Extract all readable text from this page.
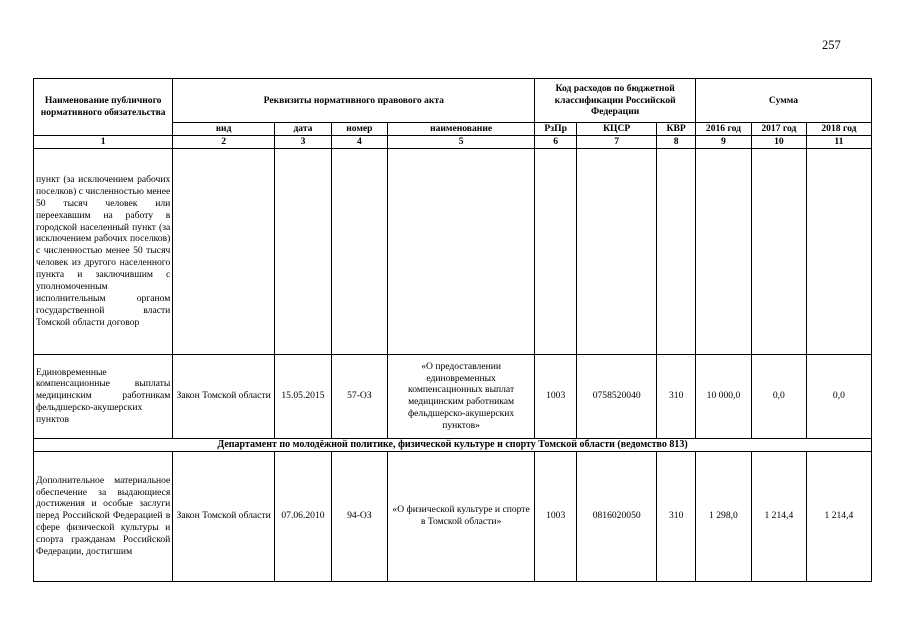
257
Наименование публичного нормативного обязательства	Реквизиты нормативного правового акта				Код расходов по бюджетной классификации Российской Федерации			Сумма		
	вид	дата	номер	наименование	РзПр	КЦСР	КВР	2016 год	2017 год	2018 год
1	2	3	4	5	6	7	8	9	10	11
пункт (за исключением рабочих поселков) с численностью менее 50 тысяч человек или переехавшим на работу в городской населенный пункт (за исключением рабочих поселков) с численностью менее 50 тысяч человек из другого населенного пункта и заключившим с уполномоченным исполнительным органом государственной власти Томской области договор										
Единовременные компенсационные выплаты медицинским работникам фельдшерско-акушерских пунктов	Закон Томской области	15.05.2015	57-ОЗ	«О предоставлении единовременных компенсационных выплат медицинским работникам фельдшерско-акушерских пунктов»	1003	0758520040	310	10 000,0	0,0	0,0
Департамент по молодёжной политике, физической культуре и спорту Томской области (ведомство 813)										
Дополнительное материальное обеспечение за выдающиеся достижения и особые заслуги перед Российской Федерацией в сфере физической культуры и спорта гражданам Российской Федерации, достигшим	Закон Томской области	07.06.2010	94-ОЗ	«О физической культуре и спорте в Томской области»	1003	0816020050	310	1 298,0	1 214,4	1 214,4
